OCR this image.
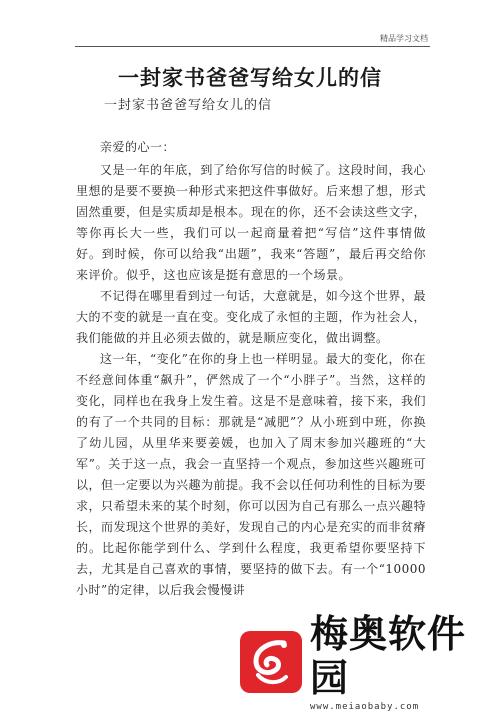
精品学习文档
一封家书爸爸写给女儿的信
一封家书爸爸写给女儿的信
亲爱的心一：

又是一年的年底，到了给你写信的时候了。这段时间，我心里想的是要不要换一种形式来把这件事做好。后来想了想，形式固然重要，但是实质却是根本。现在的你，还不会读这些文字，等你再长大一些，我们可以一起商量着把“写信”这件事情做好。到时候，你可以给我“出题”，我来“答题”，最后再交给你来评价。似乎，这也应该是挺有意思的一个场景。

不记得在哪里看到过一句话，大意就是，如今这个世界，最大的不变的就是一直在变。变化成了永恒的主题，作为社会人，我们能做的并且必须去做的，就是顺应变化，做出调整。

这一年，“变化”在你的身上也一样明显。最大的变化，你在不经意间体重“飙升”，俨然成了一个“小胖子”。当然，这样的变化，同样也在我身上发生着。这是不是意味着，接下来，我们的有了一个共同的目标：那就是“减肥”？从小班到中班，你换了幼儿园，从里华来要姜媛，也加入了周末参加兴趣班的“大军”。关于这一点，我会一直坚持一个观点，参加这些兴趣班可以，但一定要以为兴趣为前提。我不会以任何功利性的目标为要求，只希望未来的某个时刻，你可以因为自己有那么一点兴趣特长，而发现这个世界的美好，发现自己的内心是充实的而非贫瘠的。比起你能学到什么、学到什么程度，我更希望你要坚持下去，尤其是自己喜欢的事情，要坚持的做下去。有一个“10000小时”的定律，以后我会慢慢讲

梅奥软件园
www.meiaobaby.com
